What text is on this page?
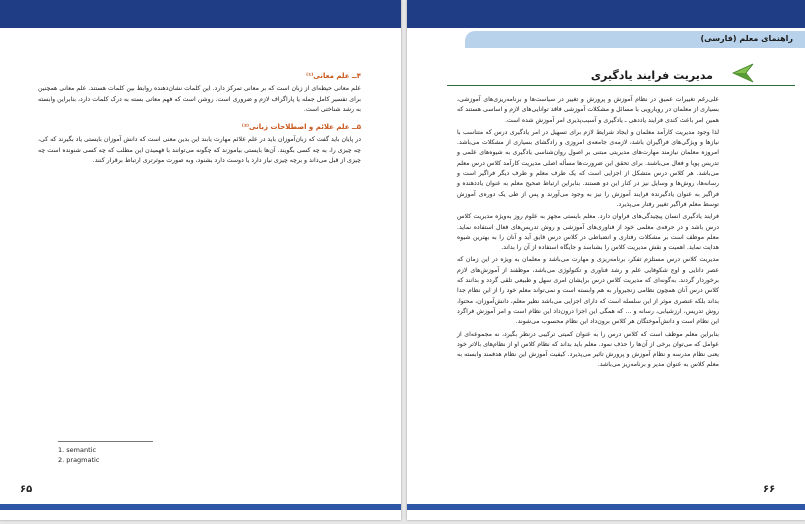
۴ــ علم معانی⁽¹⁾

علم معانی حیطه‌ای از زبان است که بر معانی تمرکز دارد. این کلمات نشان‌دهنده روابط بین کلمات هستند. علم معانی همچنین برای تفسیر کامل جمله یا پاراگراف لازم و ضروری است. روشن است که فهم معانی بسته به درک کلمات دارد، بنابراین وابسته به رشد شناختی است.

۵ــ علم علائم و اصطلاحات زبانی⁽²⁾

در پایان باید گفت که زبان‌آموزان باید در علم علائم مهارت یابند این بدین معنی است که دانش آموزان بایستی یاد بگیرند که کی، چه چیزی را، به چه کسی بگویند. آن‌ها بایستی بیاموزند که چگونه می‌توانند با فهمیدن این مطلب که چه کسی شنونده است چه چیزی از قبل می‌داند و برچه چیزی نیاز دارد یا دوست دارد بشنود، وبه صورت موثرتری ارتباط برقرار کنند.

1. semantic
2. pragmatic
۶۵
راهنمای معلم (فارسی)
مدیریت فرایند یادگیری

علی‌رغم تغییرات عمیق در نظام آموزش و پرورش و تغییر در سیاست‌ها و برنامه‌ریزی‌های آموزشی، بسیاری از معلمان در رویارویی با مسائل و مشکلات آموزشی فاقد توانایی‌های لازم و اساسی هستند که همین امر باعث کندی فرایند یاددهی ـ یادگیری و آسیب‌پذیری امر آموزش شده است.

لذا وجود مدیریت کارآمد معلمان و ایجاد شرایط لازم برای تسهیل در امر یادگیری درس که متناسب با نیازها و ویژگی‌های فراگیران باشد، لازمه‌ی جامعه‌ی امروزی و رادگشای بسیاری از مشکلات می‌باشد. امروزه معلمان نیازمند مهارت‌های مدیریتی مبتنی بر اصول روان‌شناسی یادگیری به شیوه‌های علمی و تدریس پویا و فعال می‌باشند. برای تحقق این ضرورت‌ها مسأله اصلی مدیریت کارآمد کلاس درس معلم می‌باشد. هر کلاس درس متشکل از اجزایی است که یک طرف معلم و طرف دیگر فراگیر است و رسانه‌ها، روش‌ها و وسایل نیز در کنار این دو هستند. بنابراین ارتباط صحیح معلم به عنوان یاددهنده و فراگیر به عنوان یادگیرنده فرایند آموزش را نیز به وجود می‌آورند و پس از طی یک دوره‌ی آموزش توسط معلم فراگیر تغییر رفتار می‌پذیرد.

فرایند یادگیری انسان پیچیدگی‌های فراوان دارد. معلم بایستی مجهز به علوم روز به‌ویژه مدیریت کلاس درس باشد و در حرفه‌ی معلمی خود از فناوری‌های آموزشی و روش تدریس‌های فعال استفاده نماید. معلم موظف است بر مشکلات رفتاری و انضباطی در کلاس درس فایق آید و آنان را به بهترین شیوه هدایت نماید. اهمیت و نقش مدیریت کلاس را بشناسد و جایگاه استفاده از آن را بداند.

مدیریت کلاس درس مستلزم تفکر، برنامه‌ریزی و مهارت می‌باشد و معلمان به ویژه در این زمان که عصر دانایی و اوج شکوفایی علم و رشد فناوری و تکنولوژی می‌باشد، موظفند از آموزش‌های لازم برخوردار گردند. به‌گونه‌ای که مدیریت کلاس درس برایشان امری سهل و طبیعی تلقی گردد و بدانند که کلاس درس آنان همچون نظامی زنجیروار به هم وابسته است و نمی‌تواند معلم خود را از این نظام جدا بداند بلکه عنصری موثر از این سلسله است که دارای اجزایی می‌باشد نظیر معلم، دانش‌آموزان، محتوا، روش تدریس، ارزشیابی، رسانه و ... که همگی این اجزا درون‌داد این نظام است و امر آموزش فراگرد این نظام است و دانش‌آموختگان هر کلاس برون‌داد این نظام محسوب می‌شوند.

بنابراین معلم موظف است که کلاس درس را به عنوان کمیتی ترکیبی درنظر بگیرد، نه مجموعه‌ای از عوامل که می‌توان برخی از آن‌ها را حذف نمود. معلم باید بداند که نظام کلاس او از نظام‌های بالاتر خود یعنی نظام مدرسه و نظام آموزش و پرورش تاثیر می‌پذیرد. کیفیت آموزش این نظام هدفمند وابسته به معلم کلاس به عنوان مدیر و برنامه‌ریز می‌باشد.

۶۶
